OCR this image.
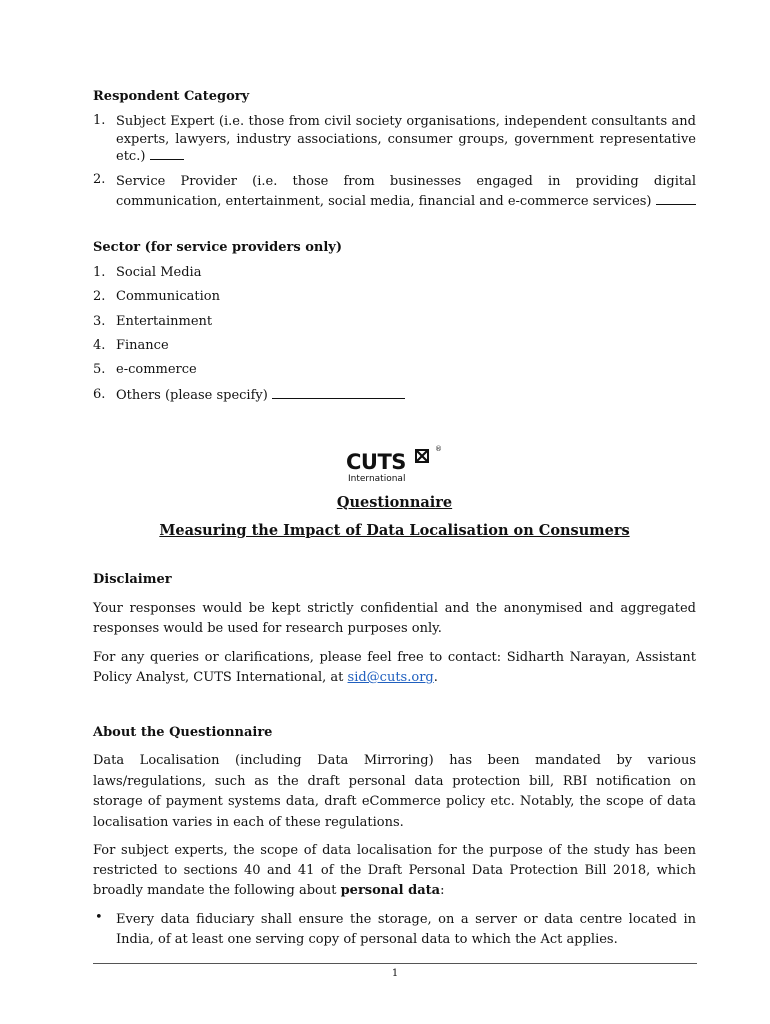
Respondent Category
1. Subject Expert (i.e. those from civil society organisations, independent consultants and experts, lawyers, industry associations, consumer groups, government representative etc.)
2. Service Provider (i.e. those from businesses engaged in providing digital communication, entertainment, social media, financial and e-commerce services)
Sector (for service providers only)
1. Social Media
2. Communication
3. Entertainment
4. Finance
5. e-commerce
6. Others (please specify)
CUTS
®
International
Questionnaire
Measuring the Impact of Data Localisation on Consumers
Disclaimer
Your responses would be kept strictly confidential and the anonymised and aggregated responses would be used for research purposes only.
For any queries or clarifications, please feel free to contact: Sidharth Narayan, Assistant Policy Analyst, CUTS International, at sid@cuts.org.
About the Questionnaire
Data Localisation (including Data Mirroring) has been mandated by various laws/regulations, such as the draft personal data protection bill, RBI notification on storage of payment systems data, draft eCommerce policy etc. Notably, the scope of data localisation varies in each of these regulations.
For subject experts, the scope of data localisation for the purpose of the study has been restricted to sections 40 and 41 of the Draft Personal Data Protection Bill 2018, which broadly mandate the following about personal data:
• Every data fiduciary shall ensure the storage, on a server or data centre located in India, of at least one serving copy of personal data to which the Act applies.
1
